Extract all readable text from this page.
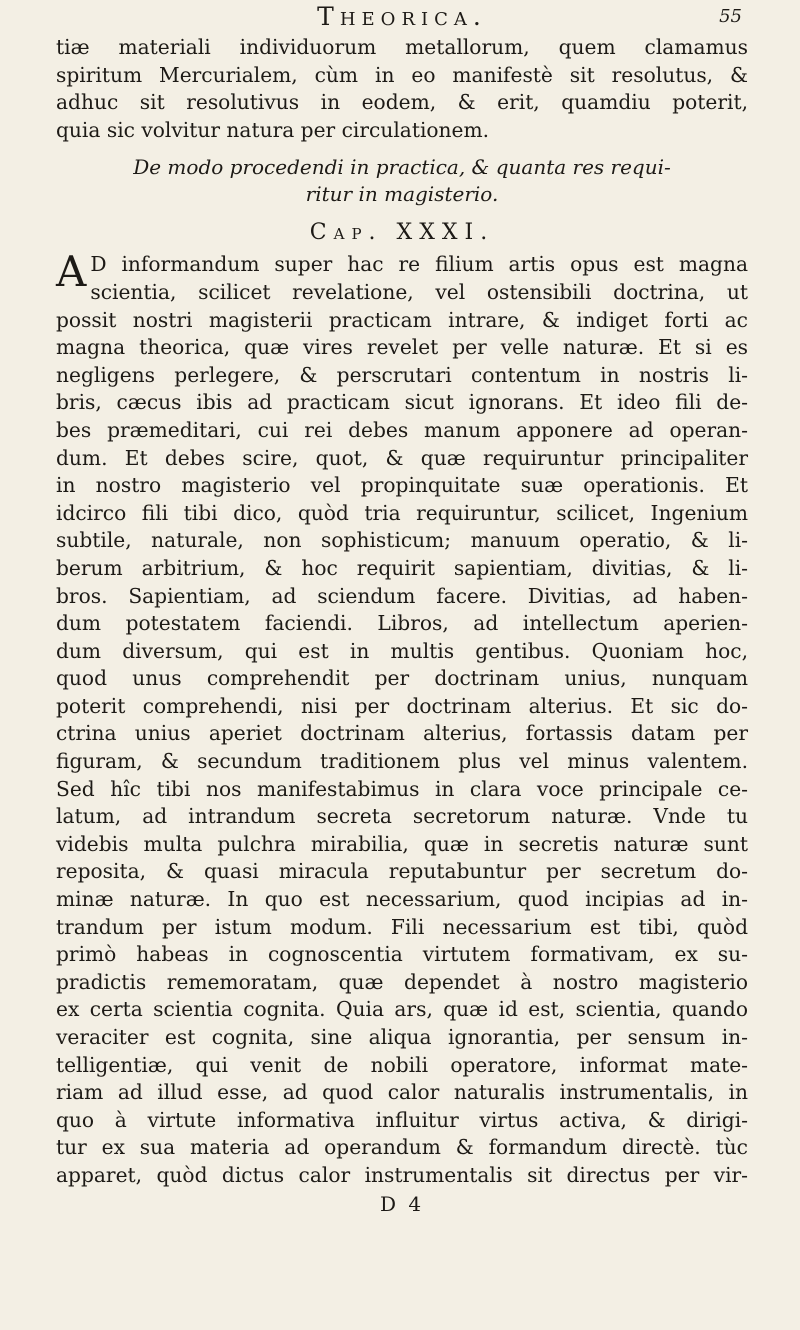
Theorica.	55

tiæ materiali individuorum metallorum, quem clamamus

spiritum Mercurialem, cùm in eo manifestè sit resolutus, &

adhuc sit resolutivus in eodem, & erit, quamdiu poterit,

quia sic volvitur natura per circulationem.

De modo procedendi in practica, & quanta res requi-

ritur in magisterio.

Cap. XXXI.
A D informandum super hac re filium artis opus est magna

scientia, scilicet revelatione, vel ostensibili doctrina, ut

possit nostri magisterii practicam intrare, & indiget forti ac

magna theorica, quæ vires revelet per velle naturæ. Et si es

negligens perlegere, & perscrutari contentum in nostris li-

bris, cæcus ibis ad practicam sicut ignorans. Et ideo fili de-

bes præmeditari, cui rei debes manum apponere ad operan-

dum. Et debes scire, quot, & quæ requiruntur principaliter

in nostro magisterio vel propinquitate suæ operationis. Et

idcirco fili tibi dico, quòd tria requiruntur, scilicet, Ingenium

subtile, naturale, non sophisticum; manuum operatio, & li-

berum arbitrium, & hoc requirit sapientiam, divitias, & li-

bros. Sapientiam, ad sciendum facere. Divitias, ad haben-

dum potestatem faciendi. Libros, ad intellectum aperien-

dum diversum, qui est in multis gentibus. Quoniam hoc,

quod unus comprehendit per doctrinam unius, nunquam

poterit comprehendi, nisi per doctrinam alterius. Et sic do-

ctrina unius aperiet doctrinam alterius, fortassis datam per

figuram, & secundum traditionem plus vel minus valentem.

Sed hîc tibi nos manifestabimus in clara voce principale ce-

latum, ad intrandum secreta secretorum naturæ. Vnde tu

videbis multa pulchra mirabilia, quæ in secretis naturæ sunt

reposita, & quasi miracula reputabuntur per secretum do-

minæ naturæ. In quo est necessarium, quod incipias ad in-

trandum per istum modum. Fili necessarium est tibi, quòd

primò habeas in cognoscentia virtutem formativam, ex su-

pradictis rememoratam, quæ dependet à nostro magisterio

ex certa scientia cognita. Quia ars, quæ id est, scientia, quando

veraciter est cognita, sine aliqua ignorantia, per sensum in-

telligentiæ, qui venit de nobili operatore, informat mate-

riam ad illud esse, ad quod calor naturalis instrumentalis, in

quo à virtute informativa influitur virtus activa, & dirigi-

tur ex sua materia ad operandum & formandum directè. tùc

apparet, quòd dictus calor instrumentalis sit directus per vir-

D 4
